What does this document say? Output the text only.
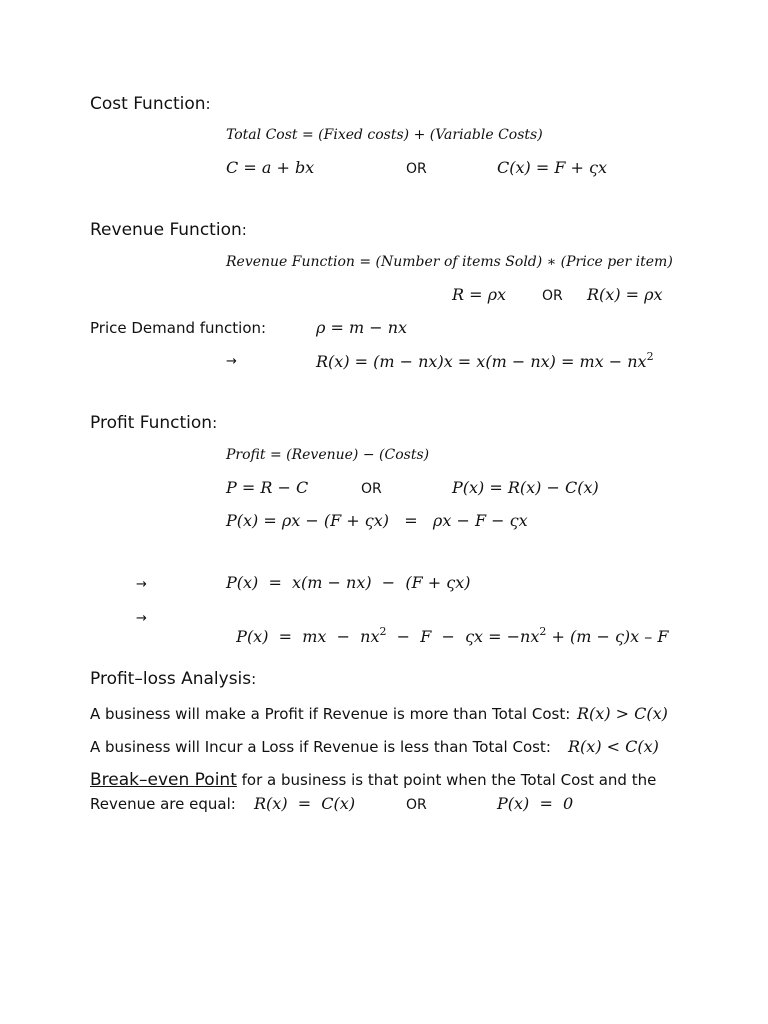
Cost Function:
Total Cost = (Fixed costs) + (Variable Costs)
C = a + bx	OR	C(x) = F + ςx
Revenue Function:
Revenue Function = (Number of items Sold) ∗ (Price per item)
R = ρx	OR R(x) = ρx
Price Demand function:	ρ = m − nx
→	R(x) = (m − nx)x = x(m − nx) = mx − $nx^2$
Profit Function:
Profit = (Revenue) − (Costs)
P = R − C	OR	P(x) = R(x) − C(x)
P(x) = ρx − (F + ςx)   =   ρx − F − ςx
→	P(x)  =  x(m − nx)  −  (F + ςx)
→

P(x)  =  mx  −  $nx^2 - F - \varsigma x = -nx^2 + (m - \varsigma)x - F$

Profit–loss Analysis:
A business will make a Profit if Revenue is more than Total Cost: R(x) > C(x)
A business will Incur a Loss if Revenue is less than Total Cost: R(x) < C(x)
Break–even Point for a business is that point when the Total Cost and the
Revenue are equal: R(x)  =  C(x)	OR	P(x)  =  0
